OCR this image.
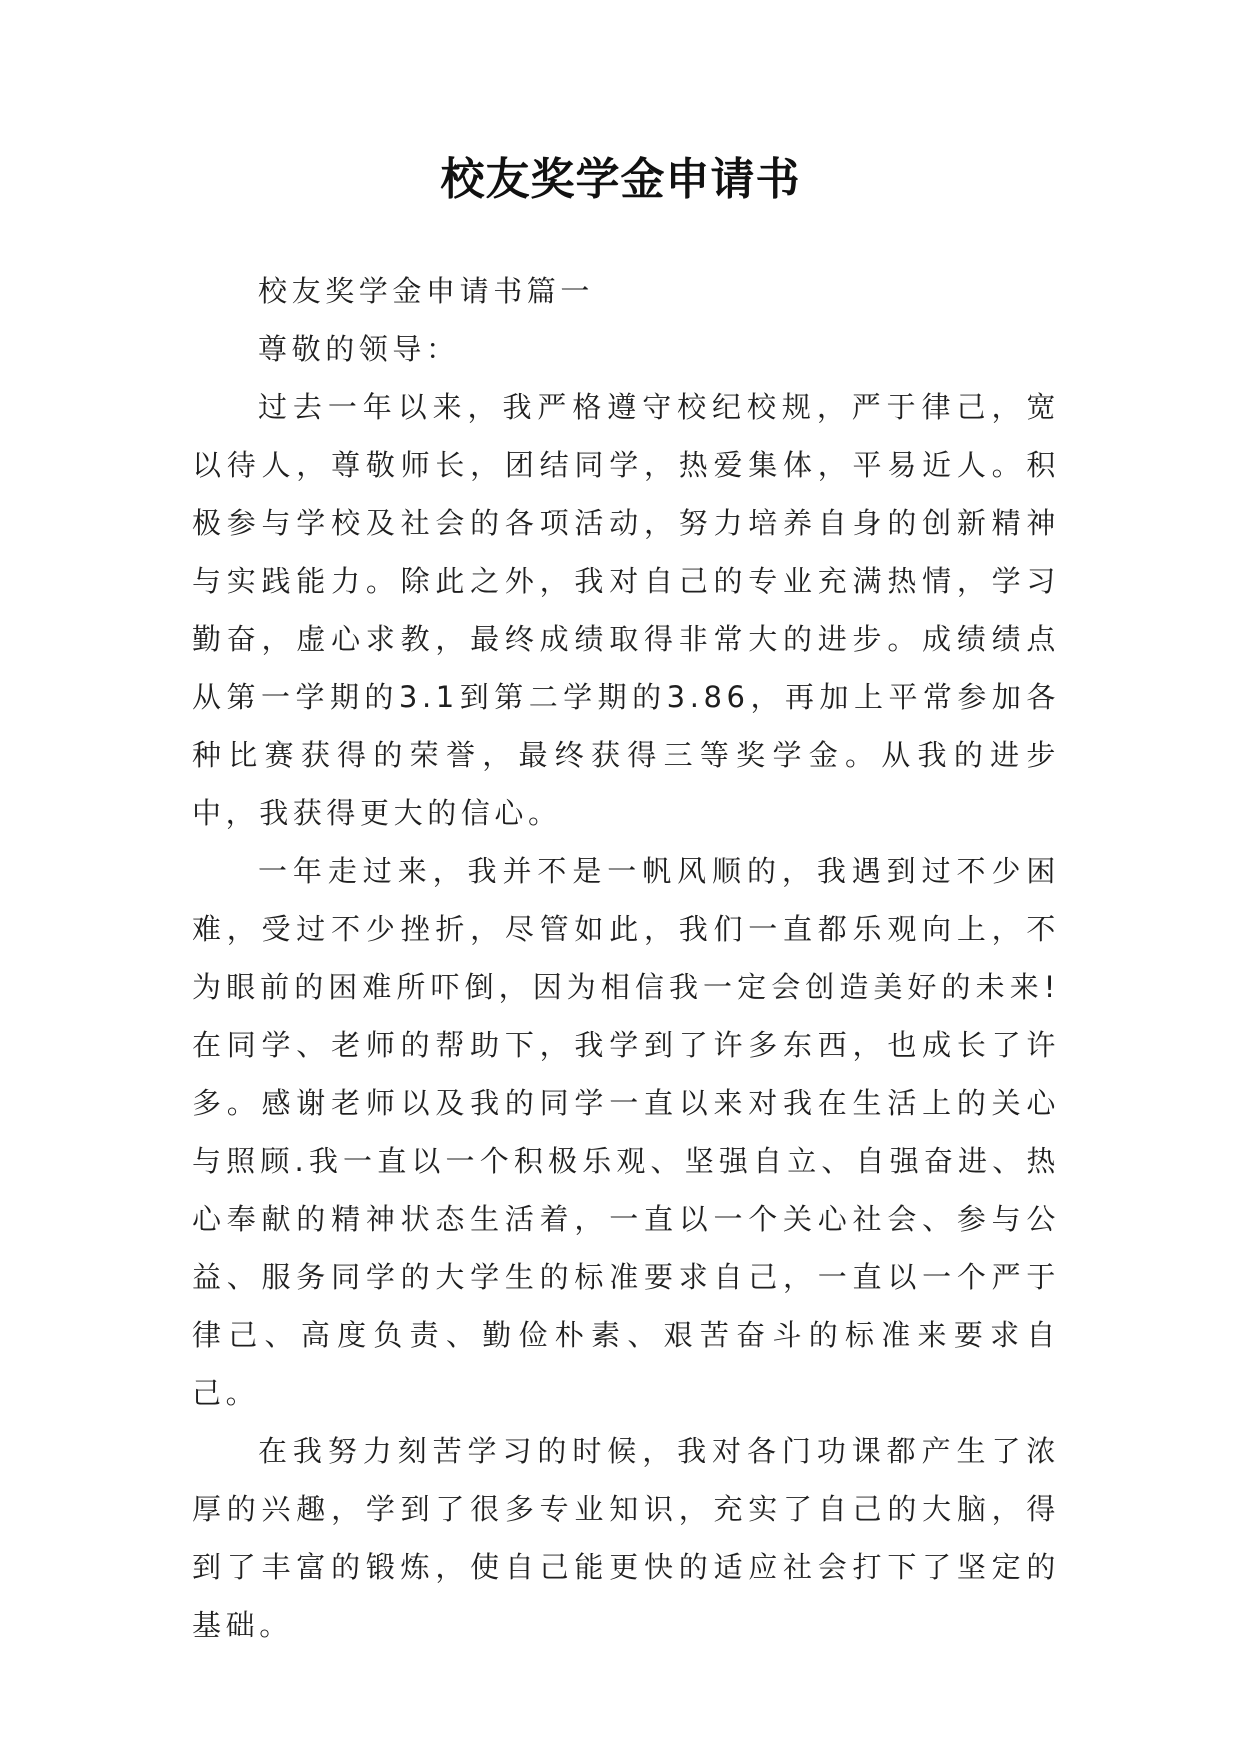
校友奖学金申请书

校友奖学金申请书篇一

尊敬的领导：

过去一年以来，我严格遵守校纪校规，严于律己，宽以待人，尊敬师长，团结同学，热爱集体，平易近人。积极参与学校及社会的各项活动，努力培养自身的创新精神与实践能力。除此之外，我对自己的专业充满热情，学习勤奋，虚心求教，最终成绩取得非常大的进步。成绩绩点从第一学期的3.1到第二学期的3.86，再加上平常参加各种比赛获得的荣誉，最终获得三等奖学金。从我的进步中，我获得更大的信心。

一年走过来，我并不是一帆风顺的，我遇到过不少困难，受过不少挫折，尽管如此，我们一直都乐观向上，不为眼前的困难所吓倒，因为相信我一定会创造美好的未来!在同学、老师的帮助下，我学到了许多东西，也成长了许多。感谢老师以及我的同学一直以来对我在生活上的关心与照顾.我一直以一个积极乐观、坚强自立、自强奋进、热心奉献的精神状态生活着，一直以一个关心社会、参与公益、服务同学的大学生的标准要求自己，一直以一个严于律己、高度负责、勤俭朴素、艰苦奋斗的标准来要求自己。

在我努力刻苦学习的时候，我对各门功课都产生了浓厚的兴趣，学到了很多专业知识，充实了自己的大脑，得到了丰富的锻炼，使自己能更快的适应社会打下了坚定的基础。
